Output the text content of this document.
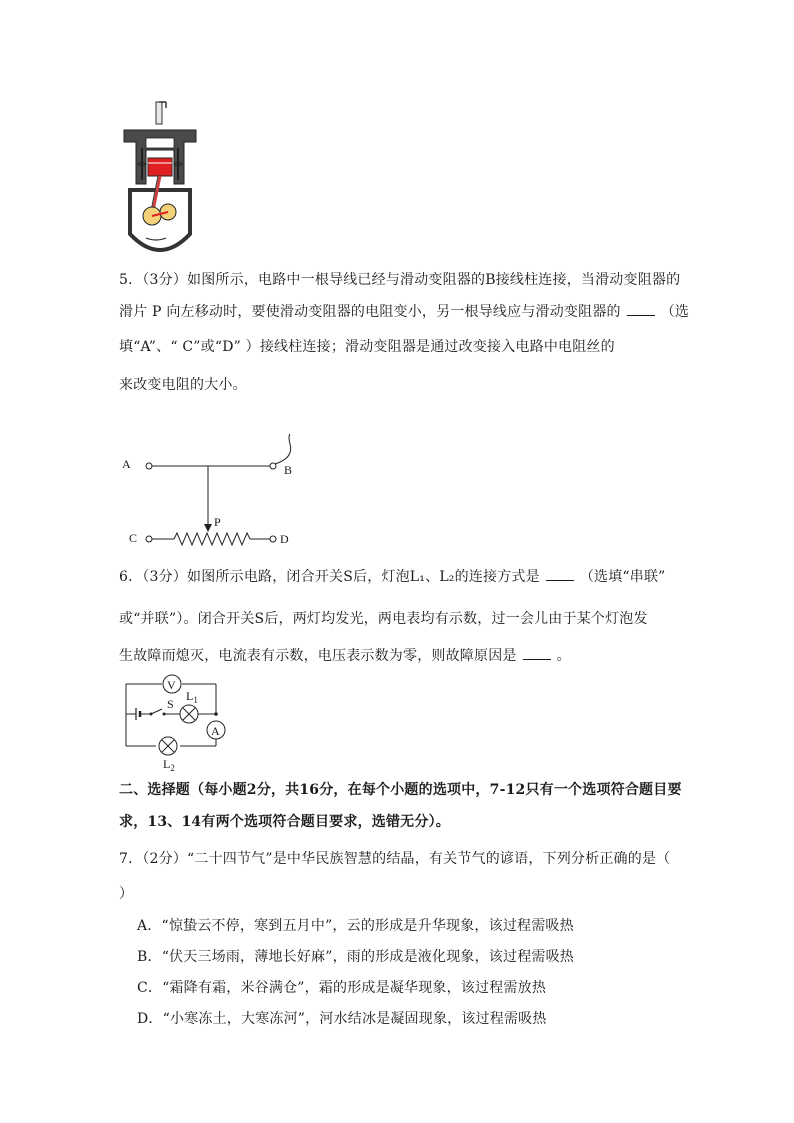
5．（3分）如图所示，电路中一根导线已经与滑动变阻器的B接线柱连接，当滑动变阻器的
滑片 P 向左移动时，要使滑动变阻器的电阻变小，另一根导线应与滑动变阻器的	（选
填“A”、“ C”或“D” ）接线柱连接；滑动变阻器是通过改变接入电路中电阻丝的
来改变电阻的大小。
A	B
P
C	D
6．（3分）如图所示电路，闭合开关S后，灯泡L₁、L₂的连接方式是	（选填“串联”
或“并联”）。闭合开关S后，两灯均发光，两电表均有示数，过一会儿由于某个灯泡发
生故障而熄灭，电流表有示数，电压表示数为零，则故障原因是	。
V
S
$L_1$
A
$L_2$
二、选择题（每小题2分，共16分，在每个小题的选项中，7-12只有一个选项符合题目要
求，13、14有两个选项符合题目要求，选错无分）。
7．（2分）“二十四节气”是中华民族智慧的结晶，有关节气的谚语，下列分析正确的是（
）
A．“惊蛰云不停，寒到五月中”，云的形成是升华现象，该过程需吸热
B．“伏天三场雨，薄地长好麻”，雨的形成是液化现象，该过程需吸热
C．“霜降有霜，米谷满仓”，霜的形成是凝华现象，该过程需放热
D．“小寒冻土，大寒冻河”，河水结冰是凝固现象，该过程需吸热
